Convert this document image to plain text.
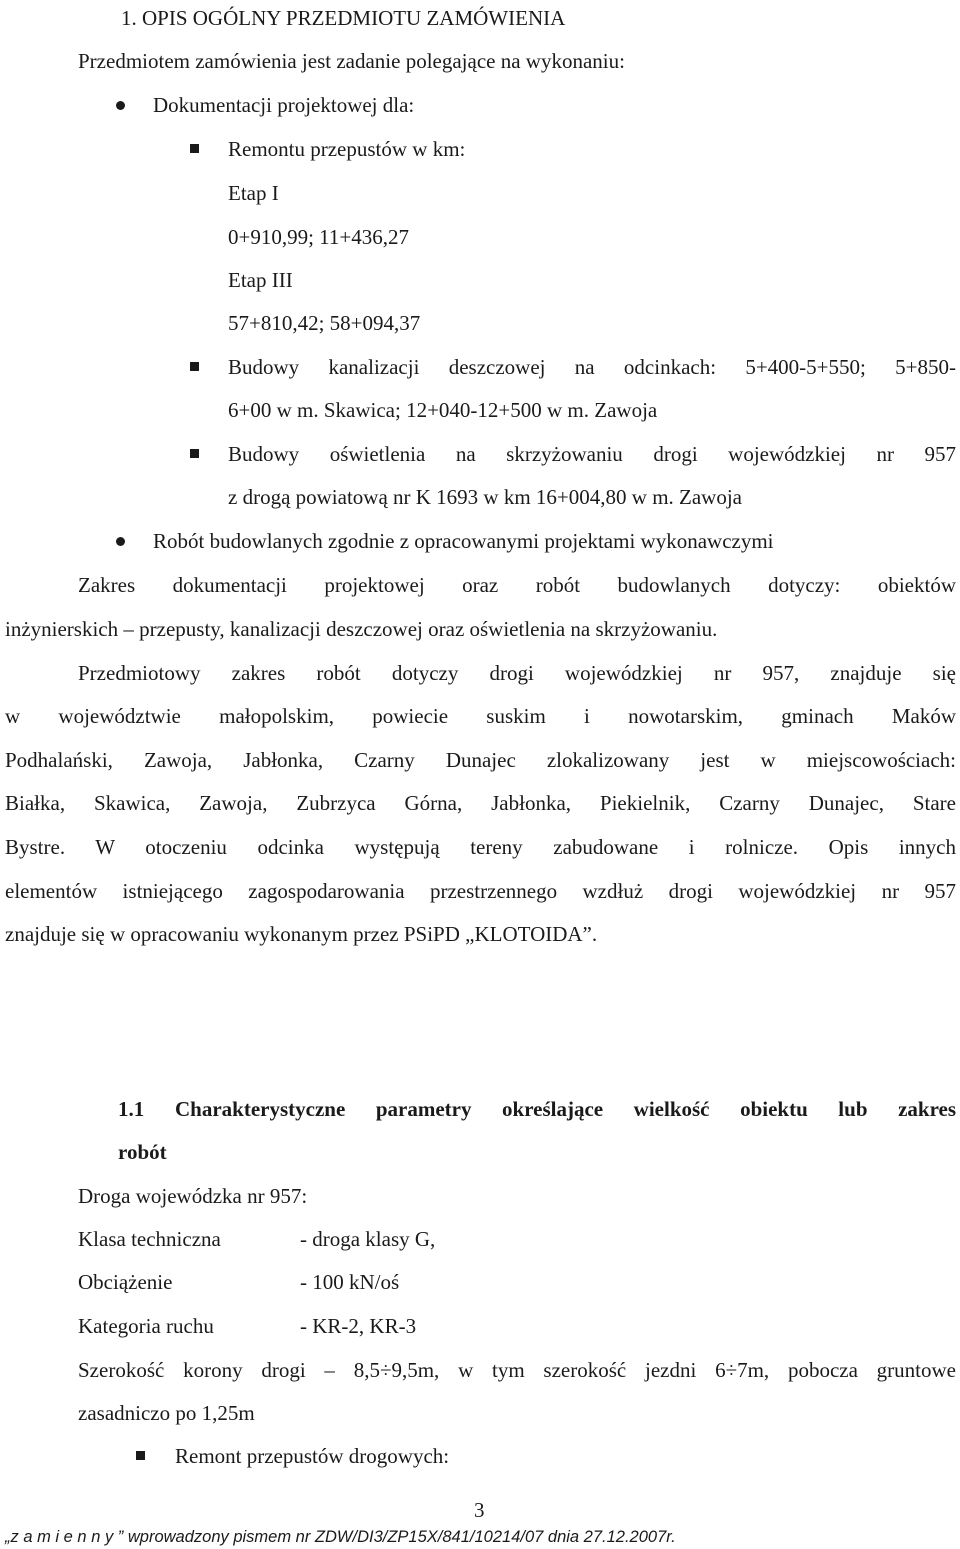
1. OPIS OGÓLNY PRZEDMIOTU ZAMÓWIENIA
Przedmiotem zamówienia jest zadanie polegające na wykonaniu:
Dokumentacji projektowej dla:
Remontu przepustów w km:
Etap I
0+910,99; 11+436,27
Etap III
57+810,42; 58+094,37
Budowy kanalizacji deszczowej na odcinkach: 5+400-5+550; 5+850-
6+00 w m. Skawica; 12+040-12+500 w m. Zawoja
Budowy oświetlenia na skrzyżowaniu drogi wojewódzkiej nr 957
z drogą powiatową nr K 1693 w km 16+004,80 w m. Zawoja
Robót budowlanych zgodnie z opracowanymi projektami wykonawczymi
Zakres dokumentacji projektowej oraz robót budowlanych dotyczy: obiektów
inżynierskich – przepusty, kanalizacji deszczowej oraz oświetlenia na skrzyżowaniu.
Przedmiotowy zakres robót dotyczy drogi wojewódzkiej nr 957, znajduje się
w województwie małopolskim, powiecie suskim i nowotarskim, gminach Maków
Podhalański, Zawoja, Jabłonka, Czarny Dunajec zlokalizowany jest w miejscowościach:
Białka, Skawica, Zawoja, Zubrzyca Górna, Jabłonka, Piekielnik, Czarny Dunajec, Stare
Bystre. W otoczeniu odcinka występują tereny zabudowane i rolnicze. Opis innych
elementów istniejącego zagospodarowania przestrzennego wzdłuż drogi wojewódzkiej nr 957
znajduje się w opracowaniu wykonanym przez PSiPD „KLOTOIDA”.
1.1 Charakterystyczne parametry określające wielkość obiektu lub zakres
robót
Droga wojewódzka nr 957:
Klasa techniczna	- droga klasy G,
Obciążenie	- 100 kN/oś
Kategoria ruchu	- KR-2, KR-3
Szerokość korony drogi – 8,5÷9,5m, w tym szerokość jezdni 6÷7m, pobocza gruntowe
zasadniczo po 1,25m
Remont przepustów drogowych:
3
„z a m i e n n y ” wprowadzony pismem nr ZDW/DI3/ZP15X/841/10214/07 dnia 27.12.2007r.
